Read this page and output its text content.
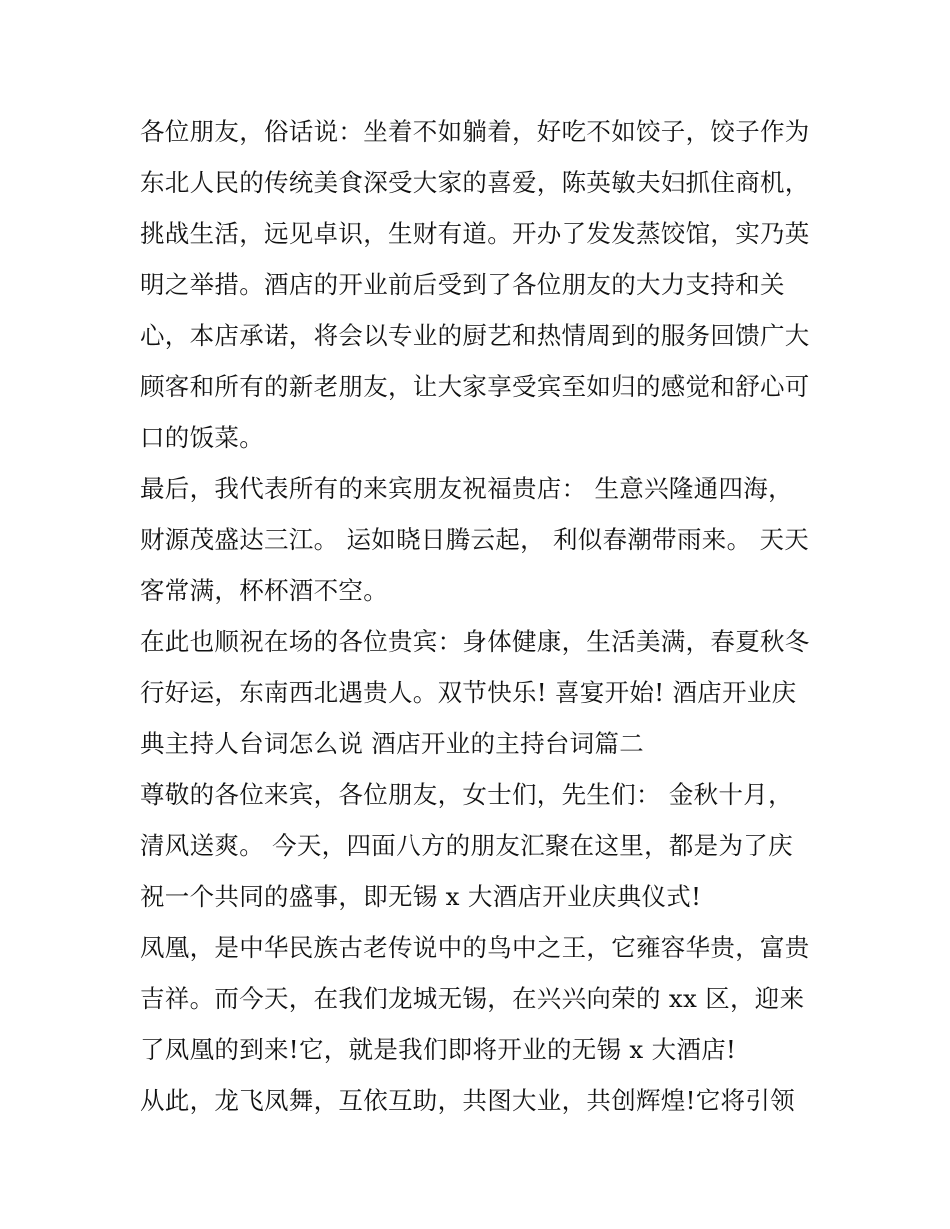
各位朋友，俗话说：坐着不如躺着，好吃不如饺子，饺子作为
东北人民的传统美食深受大家的喜爱，陈英敏夫妇抓住商机，
挑战生活，远见卓识，生财有道。开办了发发蒸饺馆，实乃英
明之举措。酒店的开业前后受到了各位朋友的大力支持和关
心，本店承诺，将会以专业的厨艺和热情周到的服务回馈广大
顾客和所有的新老朋友，让大家享受宾至如归的感觉和舒心可
口的饭菜。
最后，我代表所有的来宾朋友祝福贵店： 生意兴隆通四海，
财源茂盛达三江。 运如晓日腾云起， 利似春潮带雨来。 天天
客常满，杯杯酒不空。
在此也顺祝在场的各位贵宾：身体健康，生活美满，春夏秋冬
行好运，东南西北遇贵人。双节快乐! 喜宴开始! 酒店开业庆
典主持人台词怎么说 酒店开业的主持台词篇二
尊敬的各位来宾，各位朋友，女士们，先生们： 金秋十月，
清风送爽。 今天，四面八方的朋友汇聚在这里，都是为了庆
祝一个共同的盛事，即无锡 x 大酒店开业庆典仪式!
凤凰，是中华民族古老传说中的鸟中之王，它雍容华贵，富贵
吉祥。而今天，在我们龙城无锡，在兴兴向荣的 xx 区，迎来
了凤凰的到来!它，就是我们即将开业的无锡 x 大酒店!
从此，龙飞凤舞，互依互助，共图大业，共创辉煌!它将引领
